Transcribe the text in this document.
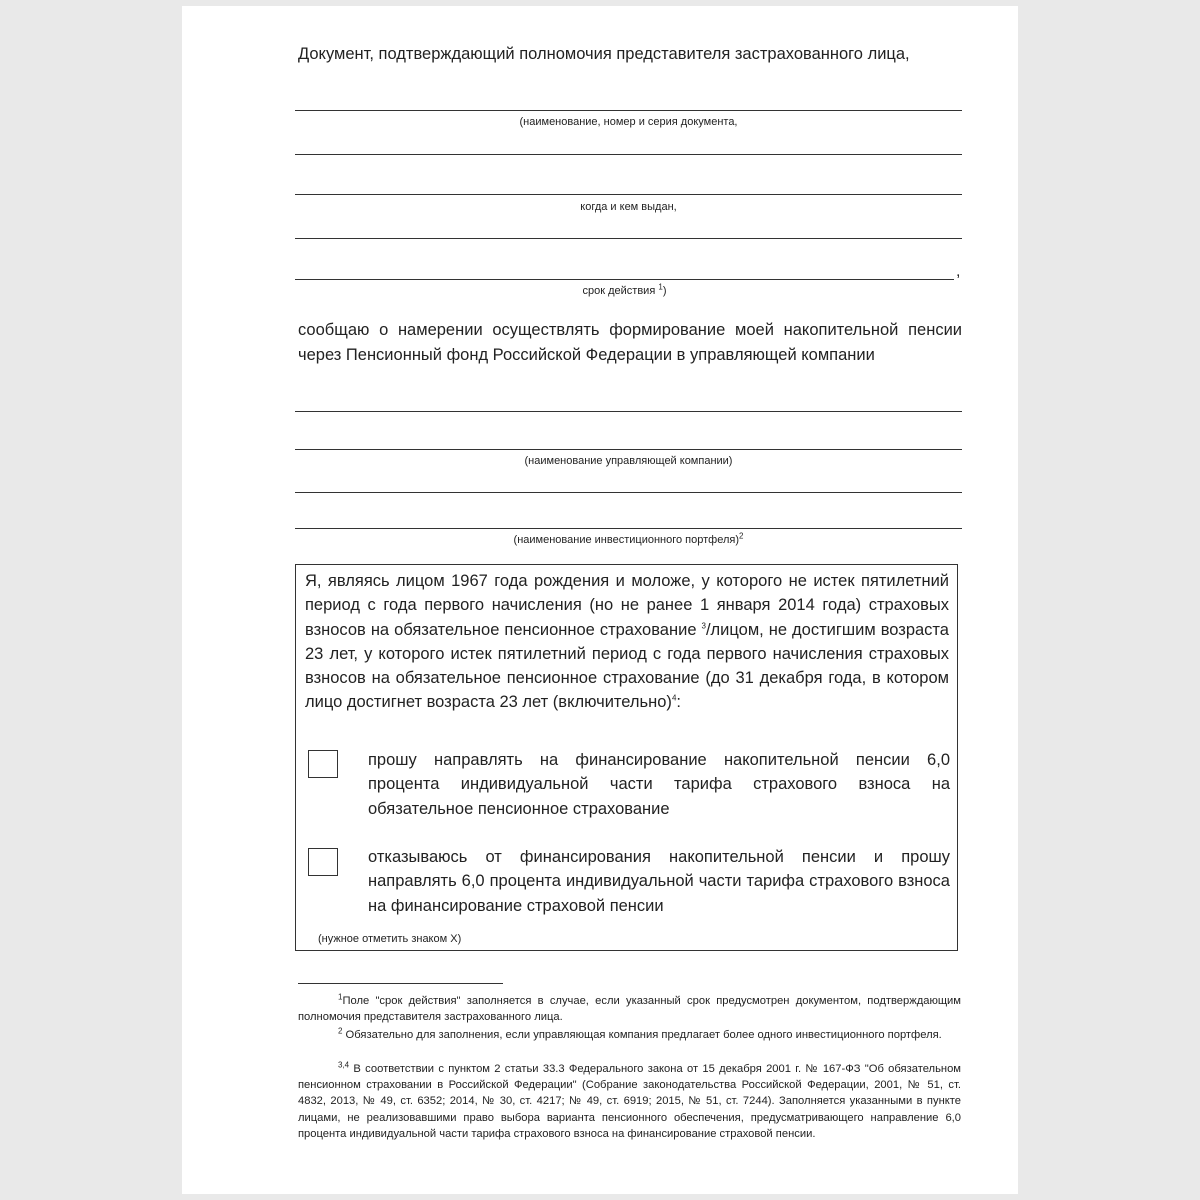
Документ, подтверждающий полномочия представителя застрахованного лица,
(наименование, номер и серия документа,
когда и кем выдан,
,
срок действия $^1$)
сообщаю о намерении осуществлять формирование моей накопительной пенсии через Пенсионный фонд Российской Федерации в управляющей компании
(наименование управляющей компании)
(наименование инвестиционного портфеля)$^2$
Я, являясь лицом 1967 года рождения и моложе, у которого не истек пятилетний период с года первого начисления (но не ранее 1 января 2014 года) страховых взносов на обязательное пенсионное страхование $^3$/лицом, не достигшим возраста 23 лет, у которого истек пятилетний период с года первого начисления страховых взносов на обязательное пенсионное страхование (до 31 декабря года, в котором лицо достигнет возраста 23 лет (включительно)$^4$:
прошу направлять на финансирование накопительной пенсии 6,0 процента индивидуальной части тарифа страхового взноса на обязательное пенсионное страхование
отказываюсь от финансирования накопительной пенсии и прошу направлять 6,0 процента индивидуальной части тарифа страхового взноса на финансирование страховой пенсии
(нужное отметить знаком Х)
$^1$Поле "срок действия" заполняется в случае, если указанный срок предусмотрен документом, подтверждающим полномочия представителя застрахованного лица.
$^2$ Обязательно для заполнения, если управляющая компания предлагает более одного инвестиционного портфеля.
$^{3,4}$ В соответствии с пунктом 2 статьи 33.3 Федерального закона от 15 декабря 2001 г. № 167-ФЗ "Об обязательном пенсионном страховании в Российской Федерации" (Собрание законодательства Российской Федерации, 2001, № 51, ст. 4832, 2013, № 49, ст. 6352; 2014, № 30, ст. 4217; № 49, ст. 6919; 2015, № 51, ст. 7244). Заполняется указанными в пункте лицами, не реализовавшими право выбора варианта пенсионного обеспечения, предусматривающего направление 6,0 процента индивидуальной части тарифа страхового взноса на финансирование страховой пенсии.
